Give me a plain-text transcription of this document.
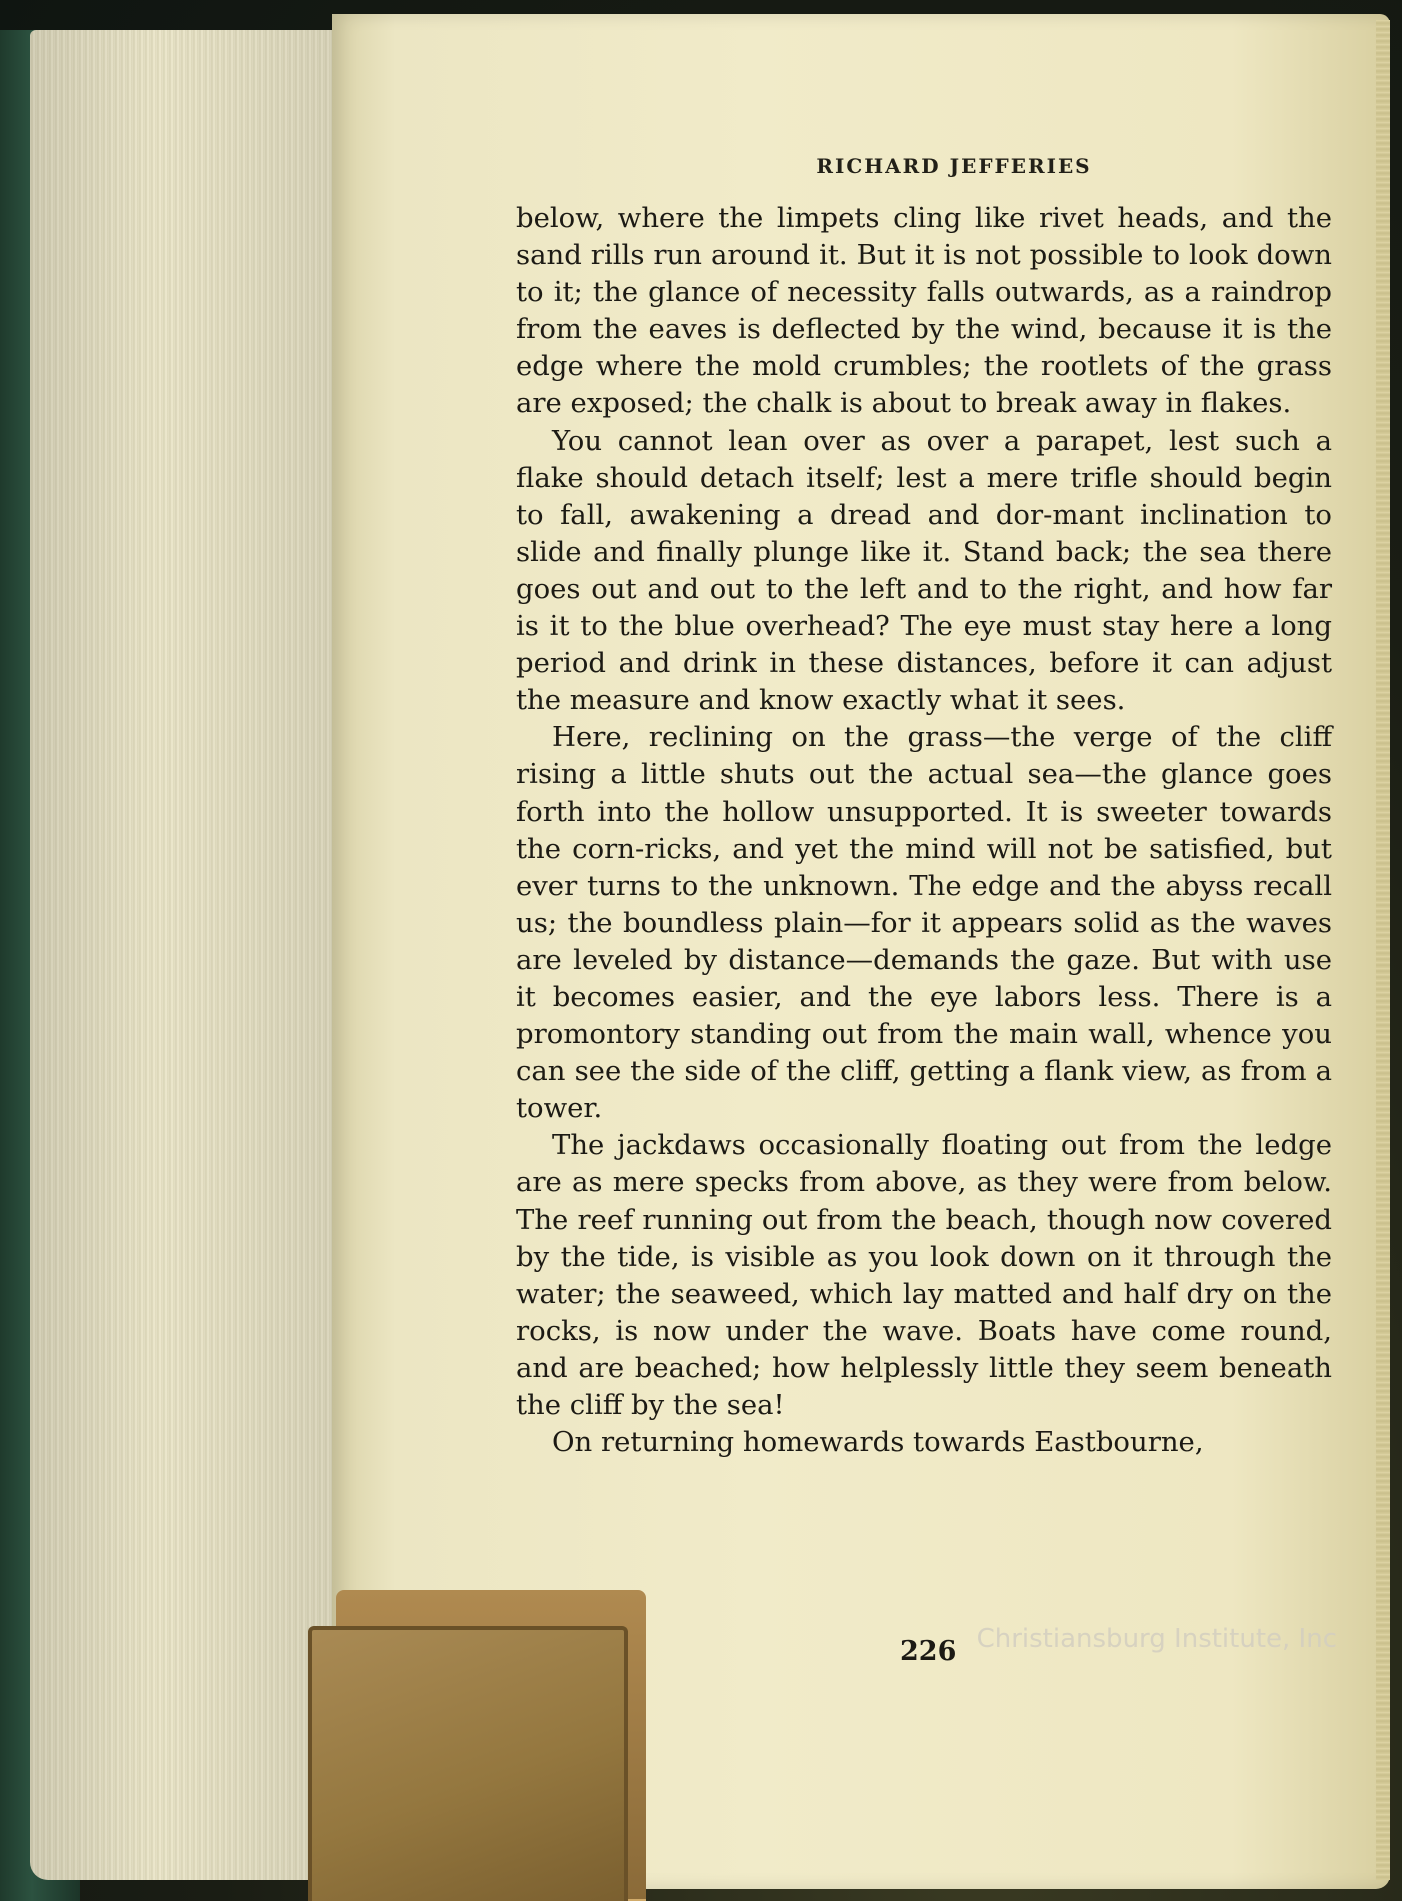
RICHARD JEFFERIES

below, where the limpets cling like rivet heads, and the sand rills run around it. But it is not possible to look down to it; the glance of necessity falls outwards, as a raindrop from the eaves is deflected by the wind, because it is the edge where the mold crumbles; the rootlets of the grass are exposed; the chalk is about to break away in flakes.

You cannot lean over as over a parapet, lest such a flake should detach itself; lest a mere trifle should begin to fall, awakening a dread and dor-mant inclination to slide and finally plunge like it. Stand back; the sea there goes out and out to the left and to the right, and how far is it to the blue overhead? The eye must stay here a long period and drink in these distances, before it can adjust the measure and know exactly what it sees.

Here, reclining on the grass—the verge of the cliff rising a little shuts out the actual sea—the glance goes forth into the hollow unsupported. It is sweeter towards the corn-ricks, and yet the mind will not be satisfied, but ever turns to the unknown. The edge and the abyss recall us; the boundless plain—for it appears solid as the waves are leveled by distance—demands the gaze. But with use it becomes easier, and the eye labors less. There is a promontory standing out from the main wall, whence you can see the side of the cliff, getting a flank view, as from a tower.

The jackdaws occasionally floating out from the ledge are as mere specks from above, as they were from below. The reef running out from the beach, though now covered by the tide, is visible as you look down on it through the water; the seaweed, which lay matted and half dry on the rocks, is now under the wave. Boats have come round, and are beached; how helplessly little they seem beneath the cliff by the sea!

On returning homewards towards Eastbourne,

226 Christiansburg Institute, Inc
